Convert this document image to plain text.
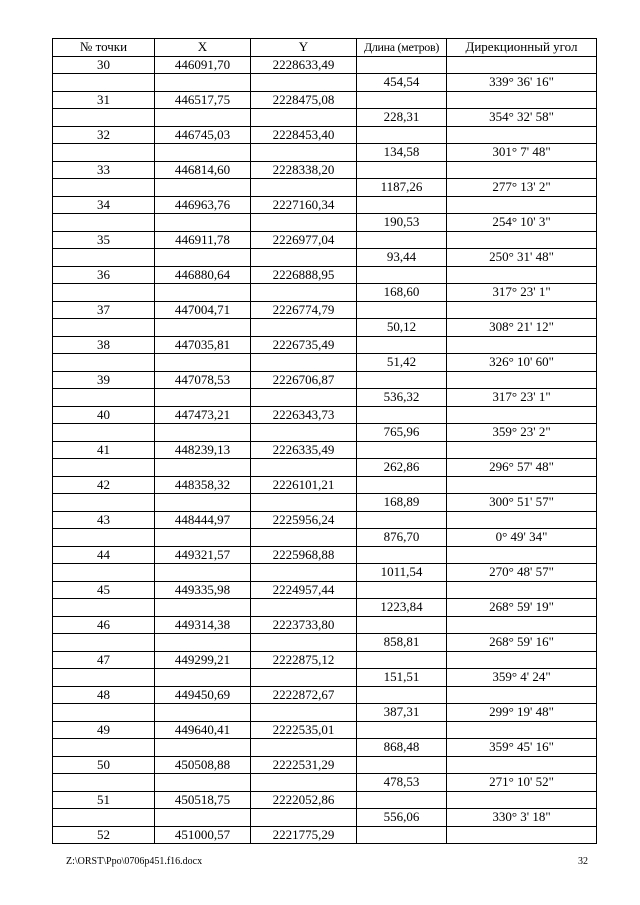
№ точки	X	Y	Длина (метров)	Дирекционный угол
30	446091,70	2228633,49		
			454,54	339° 36' 16"
31	446517,75	2228475,08		
			228,31	354° 32' 58"
32	446745,03	2228453,40		
			134,58	301° 7' 48"
33	446814,60	2228338,20		
			1187,26	277° 13' 2"
34	446963,76	2227160,34		
			190,53	254° 10' 3"
35	446911,78	2226977,04		
			93,44	250° 31' 48"
36	446880,64	2226888,95		
			168,60	317° 23' 1"
37	447004,71	2226774,79		
			50,12	308° 21' 12"
38	447035,81	2226735,49		
			51,42	326° 10' 60"
39	447078,53	2226706,87		
			536,32	317° 23' 1"
40	447473,21	2226343,73		
			765,96	359° 23' 2"
41	448239,13	2226335,49		
			262,86	296° 57' 48"
42	448358,32	2226101,21		
			168,89	300° 51' 57"
43	448444,97	2225956,24		
			876,70	0° 49' 34"
44	449321,57	2225968,88		
			1011,54	270° 48' 57"
45	449335,98	2224957,44		
			1223,84	268° 59' 19"
46	449314,38	2223733,80		
			858,81	268° 59' 16"
47	449299,21	2222875,12		
			151,51	359° 4' 24"
48	449450,69	2222872,67		
			387,31	299° 19' 48"
49	449640,41	2222535,01		
			868,48	359° 45' 16"
50	450508,88	2222531,29		
			478,53	271° 10' 52"
51	450518,75	2222052,86		
			556,06	330° 3' 18"
52	451000,57	2221775,29		
Z:\ORST\Ppo\0706p451.f16.docx	32
